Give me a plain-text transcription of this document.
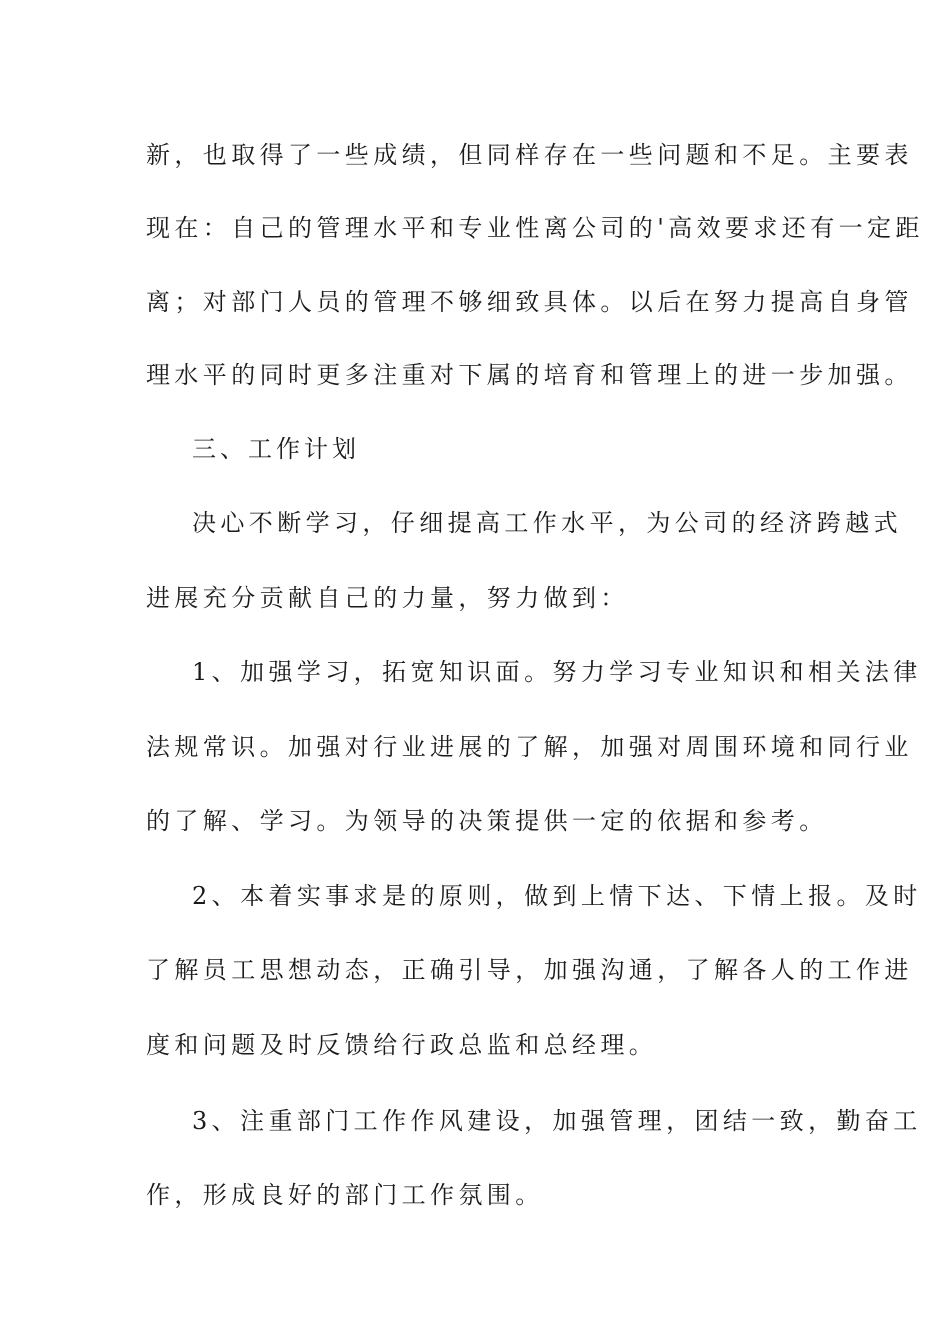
新，也取得了一些成绩，但同样存在一些问题和不足。主要表
现在：自己的管理水平和专业性离公司的'高效要求还有一定距
离；对部门人员的管理不够细致具体。以后在努力提高自身管
理水平的同时更多注重对下属的培育和管理上的进一步加强。
三、工作计划
决心不断学习，仔细提高工作水平，为公司的经济跨越式
进展充分贡献自己的力量，努力做到：
1、加强学习，拓宽知识面。努力学习专业知识和相关法律
法规常识。加强对行业进展的了解，加强对周围环境和同行业
的了解、学习。为领导的决策提供一定的依据和参考。
2、本着实事求是的原则，做到上情下达、下情上报。及时
了解员工思想动态，正确引导，加强沟通，了解各人的工作进
度和问题及时反馈给行政总监和总经理。
3、注重部门工作作风建设，加强管理，团结一致，勤奋工
作，形成良好的部门工作氛围。
